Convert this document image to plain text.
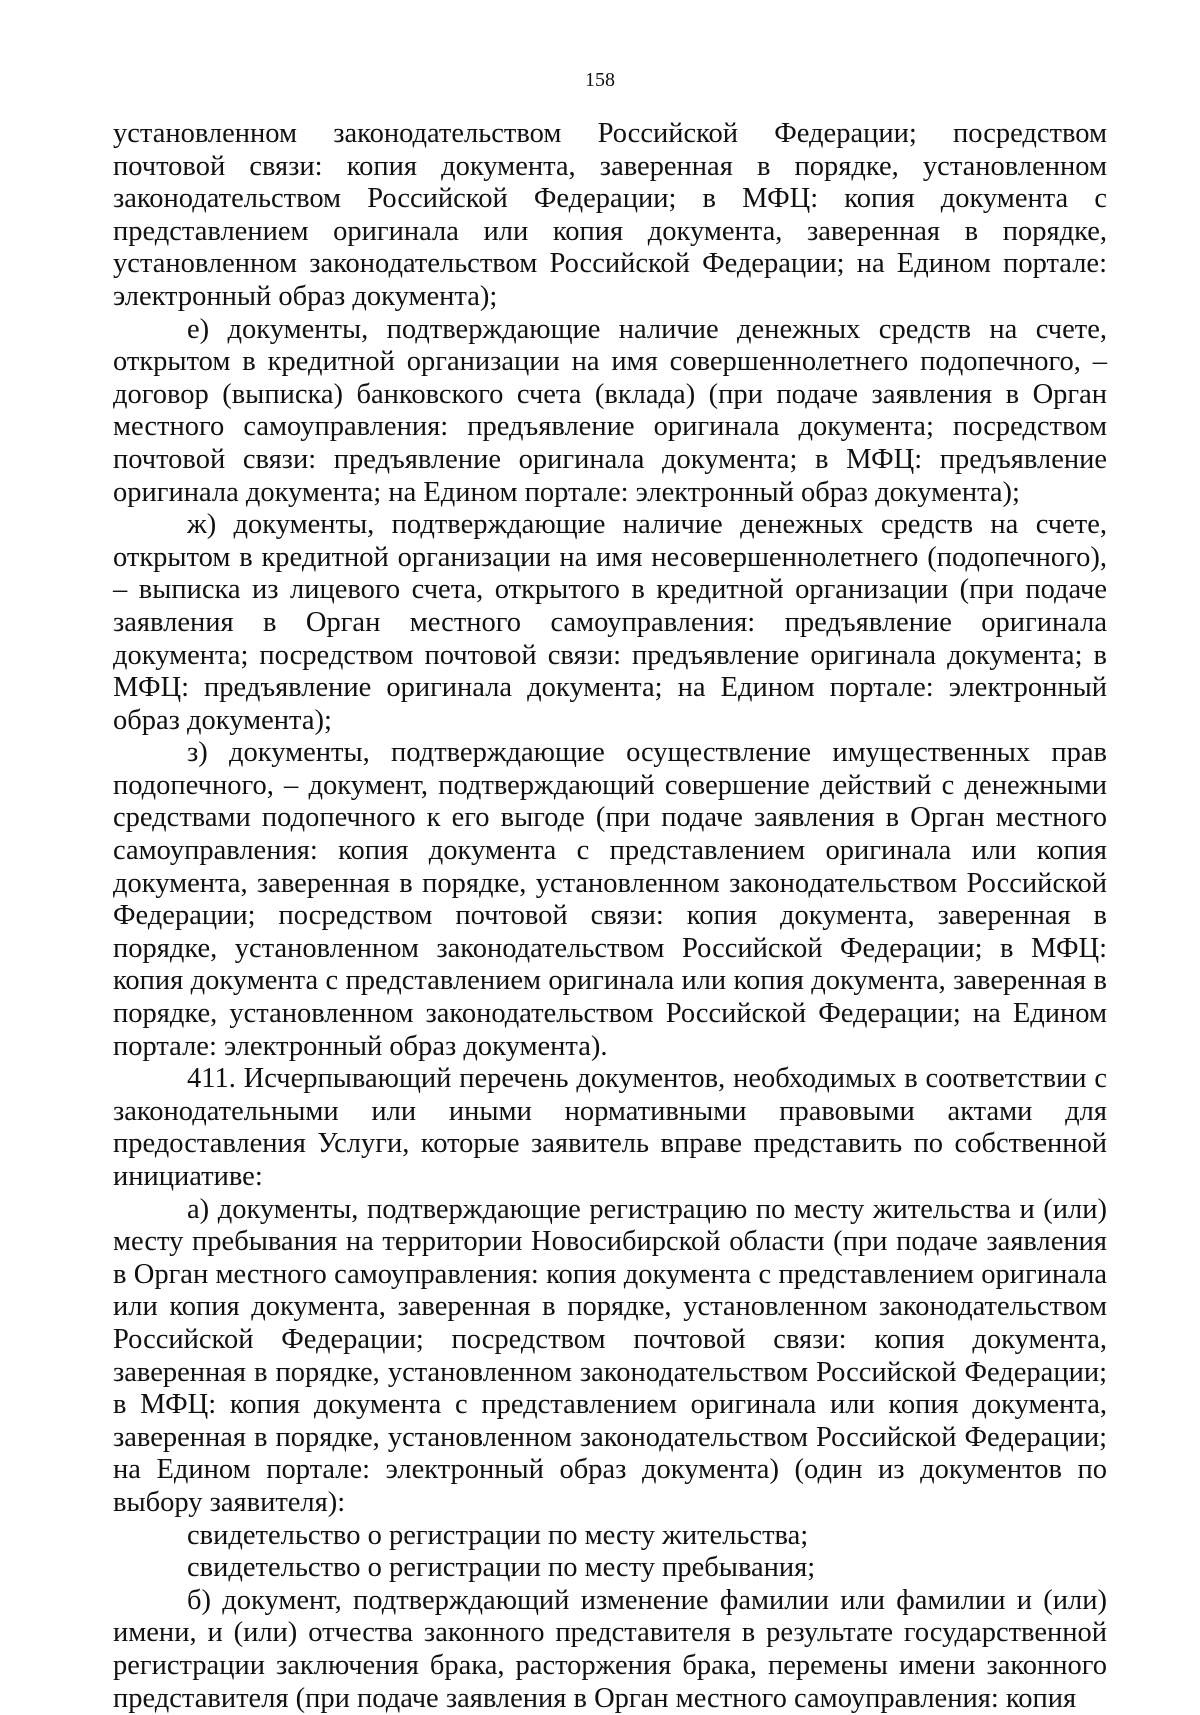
158

установленном законодательством Российской Федерации; посредством почтовой связи: копия документа, заверенная в порядке, установленном законодательством Российской Федерации; в МФЦ: копия документа с представлением оригинала или копия документа, заверенная в порядке, установленном законодательством Российской Федерации; на Едином портале: электронный образ документа);

е) документы, подтверждающие наличие денежных средств на счете, открытом в кредитной организации на имя совершеннолетнего подопечного, – договор (выписка) банковского счета (вклада) (при подаче заявления в Орган местного самоуправления: предъявление оригинала документа; посредством почтовой связи: предъявление оригинала документа; в МФЦ: предъявление оригинала документа; на Едином портале: электронный образ документа);

ж) документы, подтверждающие наличие денежных средств на счете, открытом в кредитной организации на имя несовершеннолетнего (подопечного), – выписка из лицевого счета, открытого в кредитной организации (при подаче заявления в Орган местного самоуправления: предъявление оригинала документа; посредством почтовой связи: предъявление оригинала документа; в МФЦ: предъявление оригинала документа; на Едином портале: электронный образ документа);

з) документы, подтверждающие осуществление имущественных прав подопечного, – документ, подтверждающий совершение действий с денежными средствами подопечного к его выгоде (при подаче заявления в Орган местного самоуправления: копия документа с представлением оригинала или копия документа, заверенная в порядке, установленном законодательством Российской Федерации; посредством почтовой связи: копия документа, заверенная в порядке, установленном законодательством Российской Федерации; в МФЦ: копия документа с представлением оригинала или копия документа, заверенная в порядке, установленном законодательством Российской Федерации; на Едином портале: электронный образ документа).

411. Исчерпывающий перечень документов, необходимых в соответствии с законодательными или иными нормативными правовыми актами для предоставления Услуги, которые заявитель вправе представить по собственной инициативе:

а) документы, подтверждающие регистрацию по месту жительства и (или) месту пребывания на территории Новосибирской области (при подаче заявления в Орган местного самоуправления: копия документа с представлением оригинала или копия документа, заверенная в порядке, установленном законодательством Российской Федерации; посредством почтовой связи: копия документа, заверенная в порядке, установленном законодательством Российской Федерации; в МФЦ: копия документа с представлением оригинала или копия документа, заверенная в порядке, установленном законодательством Российской Федерации; на Едином портале: электронный образ документа) (один из документов по выбору заявителя):

свидетельство о регистрации по месту жительства;

свидетельство о регистрации по месту пребывания;

б) документ, подтверждающий изменение фамилии или фамилии и (или) имени, и (или) отчества законного представителя в результате государственной регистрации заключения брака, расторжения брака, перемены имени законного представителя (при подаче заявления в Орган местного самоуправления: копия
